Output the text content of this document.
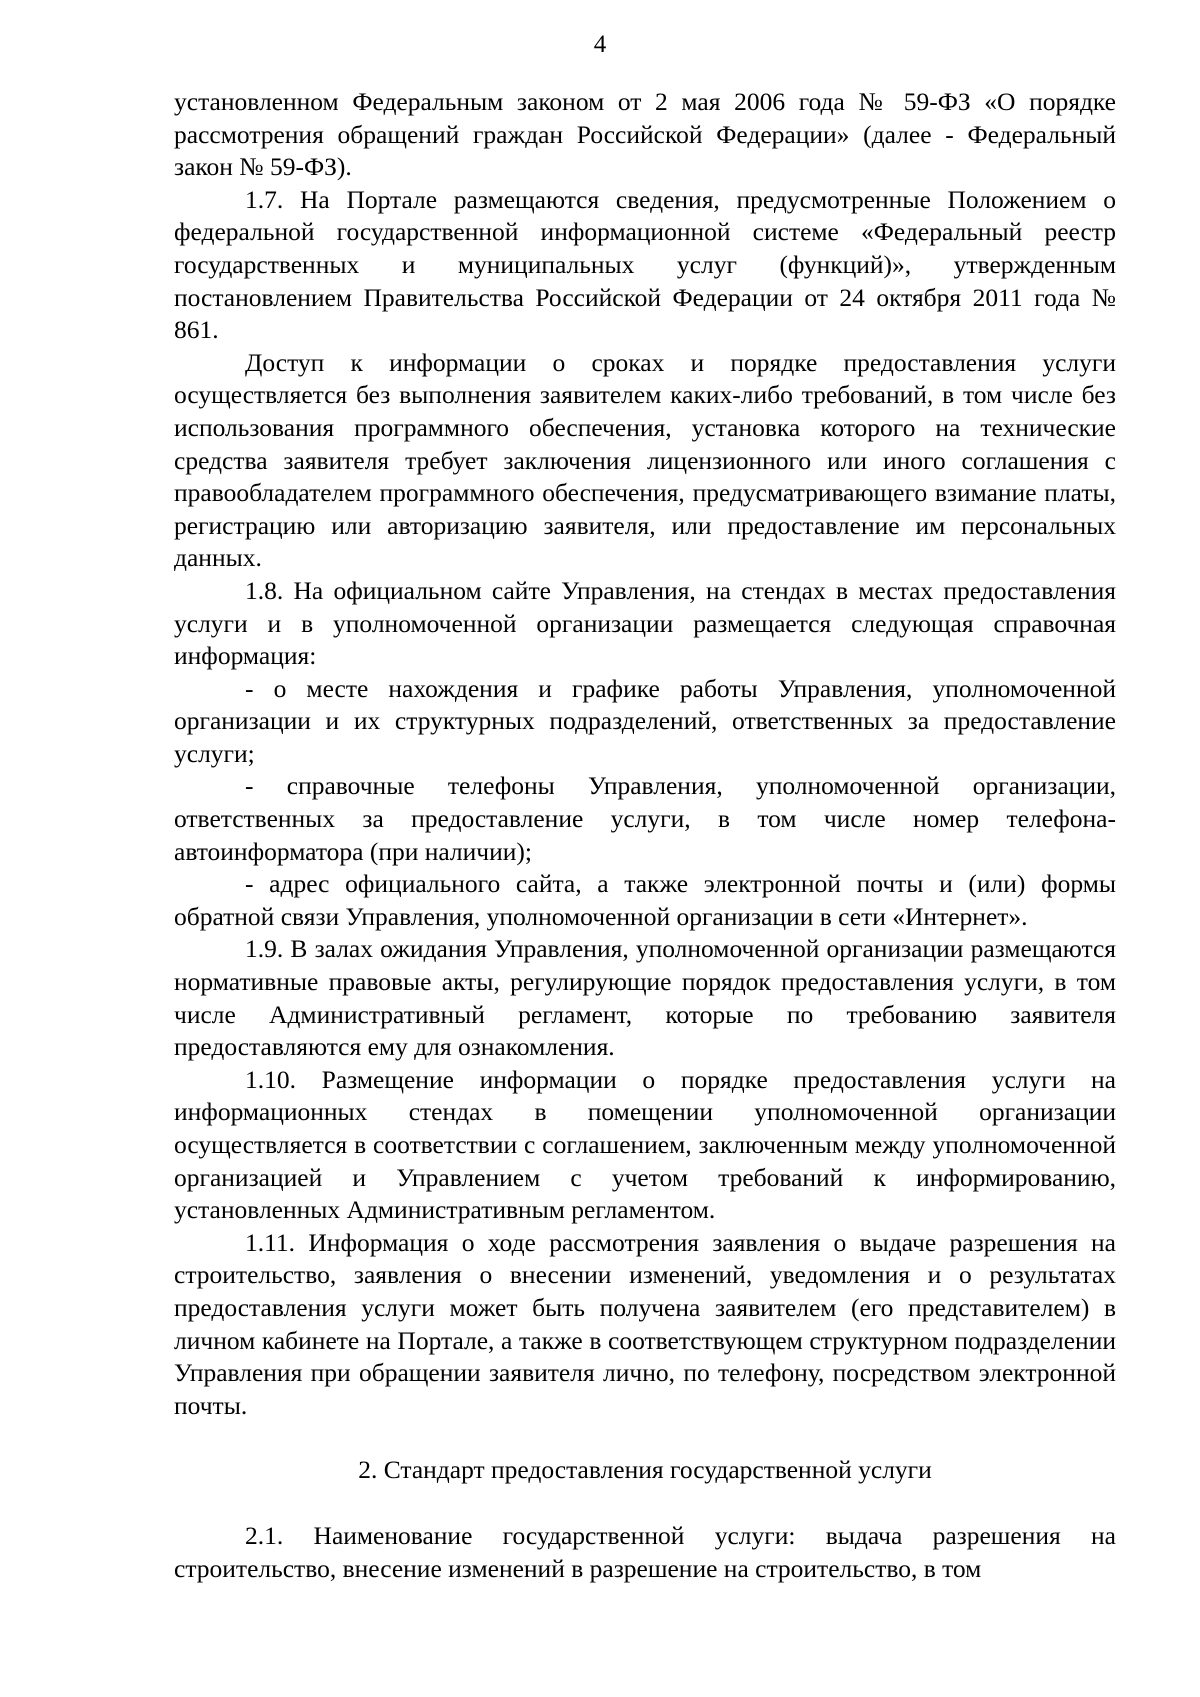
4

установленном Федеральным законом от 2 мая 2006 года № 59-ФЗ «О порядке рассмотрения обращений граждан Российской Федерации» (далее - Федеральный закон № 59-ФЗ).

1.7. На Портале размещаются сведения, предусмотренные Положением о федеральной государственной информационной системе «Федеральный реестр государственных и муниципальных услуг (функций)», утвержденным постановлением Правительства Российской Федерации от 24 октября 2011 года № 861.

Доступ к информации о сроках и порядке предоставления услуги осуществляется без выполнения заявителем каких-либо требований, в том числе без использования программного обеспечения, установка которого на технические средства заявителя требует заключения лицензионного или иного соглашения с правообладателем программного обеспечения, предусматривающего взимание платы, регистрацию или авторизацию заявителя, или предоставление им персональных данных.

1.8. На официальном сайте Управления, на стендах в местах предоставления услуги и в уполномоченной организации размещается следующая справочная информация:

- о месте нахождения и графике работы Управления, уполномоченной организации и их структурных подразделений, ответственных за предоставление услуги;

- справочные телефоны Управления, уполномоченной организации, ответственных за предоставление услуги, в том числе номер телефона-автоинформатора (при наличии);

- адрес официального сайта, а также электронной почты и (или) формы обратной связи Управления, уполномоченной организации в сети «Интернет».

1.9. В залах ожидания Управления, уполномоченной организации размещаются нормативные правовые акты, регулирующие порядок предоставления услуги, в том числе Административный регламент, которые по требованию заявителя предоставляются ему для ознакомления.

1.10. Размещение информации о порядке предоставления услуги на информационных стендах в помещении уполномоченной организации осуществляется в соответствии с соглашением, заключенным между уполномоченной организацией и Управлением с учетом требований к информированию, установленных Административным регламентом.

1.11. Информация о ходе рассмотрения заявления о выдаче разрешения на строительство, заявления о внесении изменений, уведомления и о результатах предоставления услуги может быть получена заявителем (его представителем) в личном кабинете на Портале, а также в соответствующем структурном подразделении Управления при обращении заявителя лично, по телефону, посредством электронной почты.

2. Стандарт предоставления государственной услуги

2.1. Наименование государственной услуги: выдача разрешения на строительство, внесение изменений в разрешение на строительство, в том
